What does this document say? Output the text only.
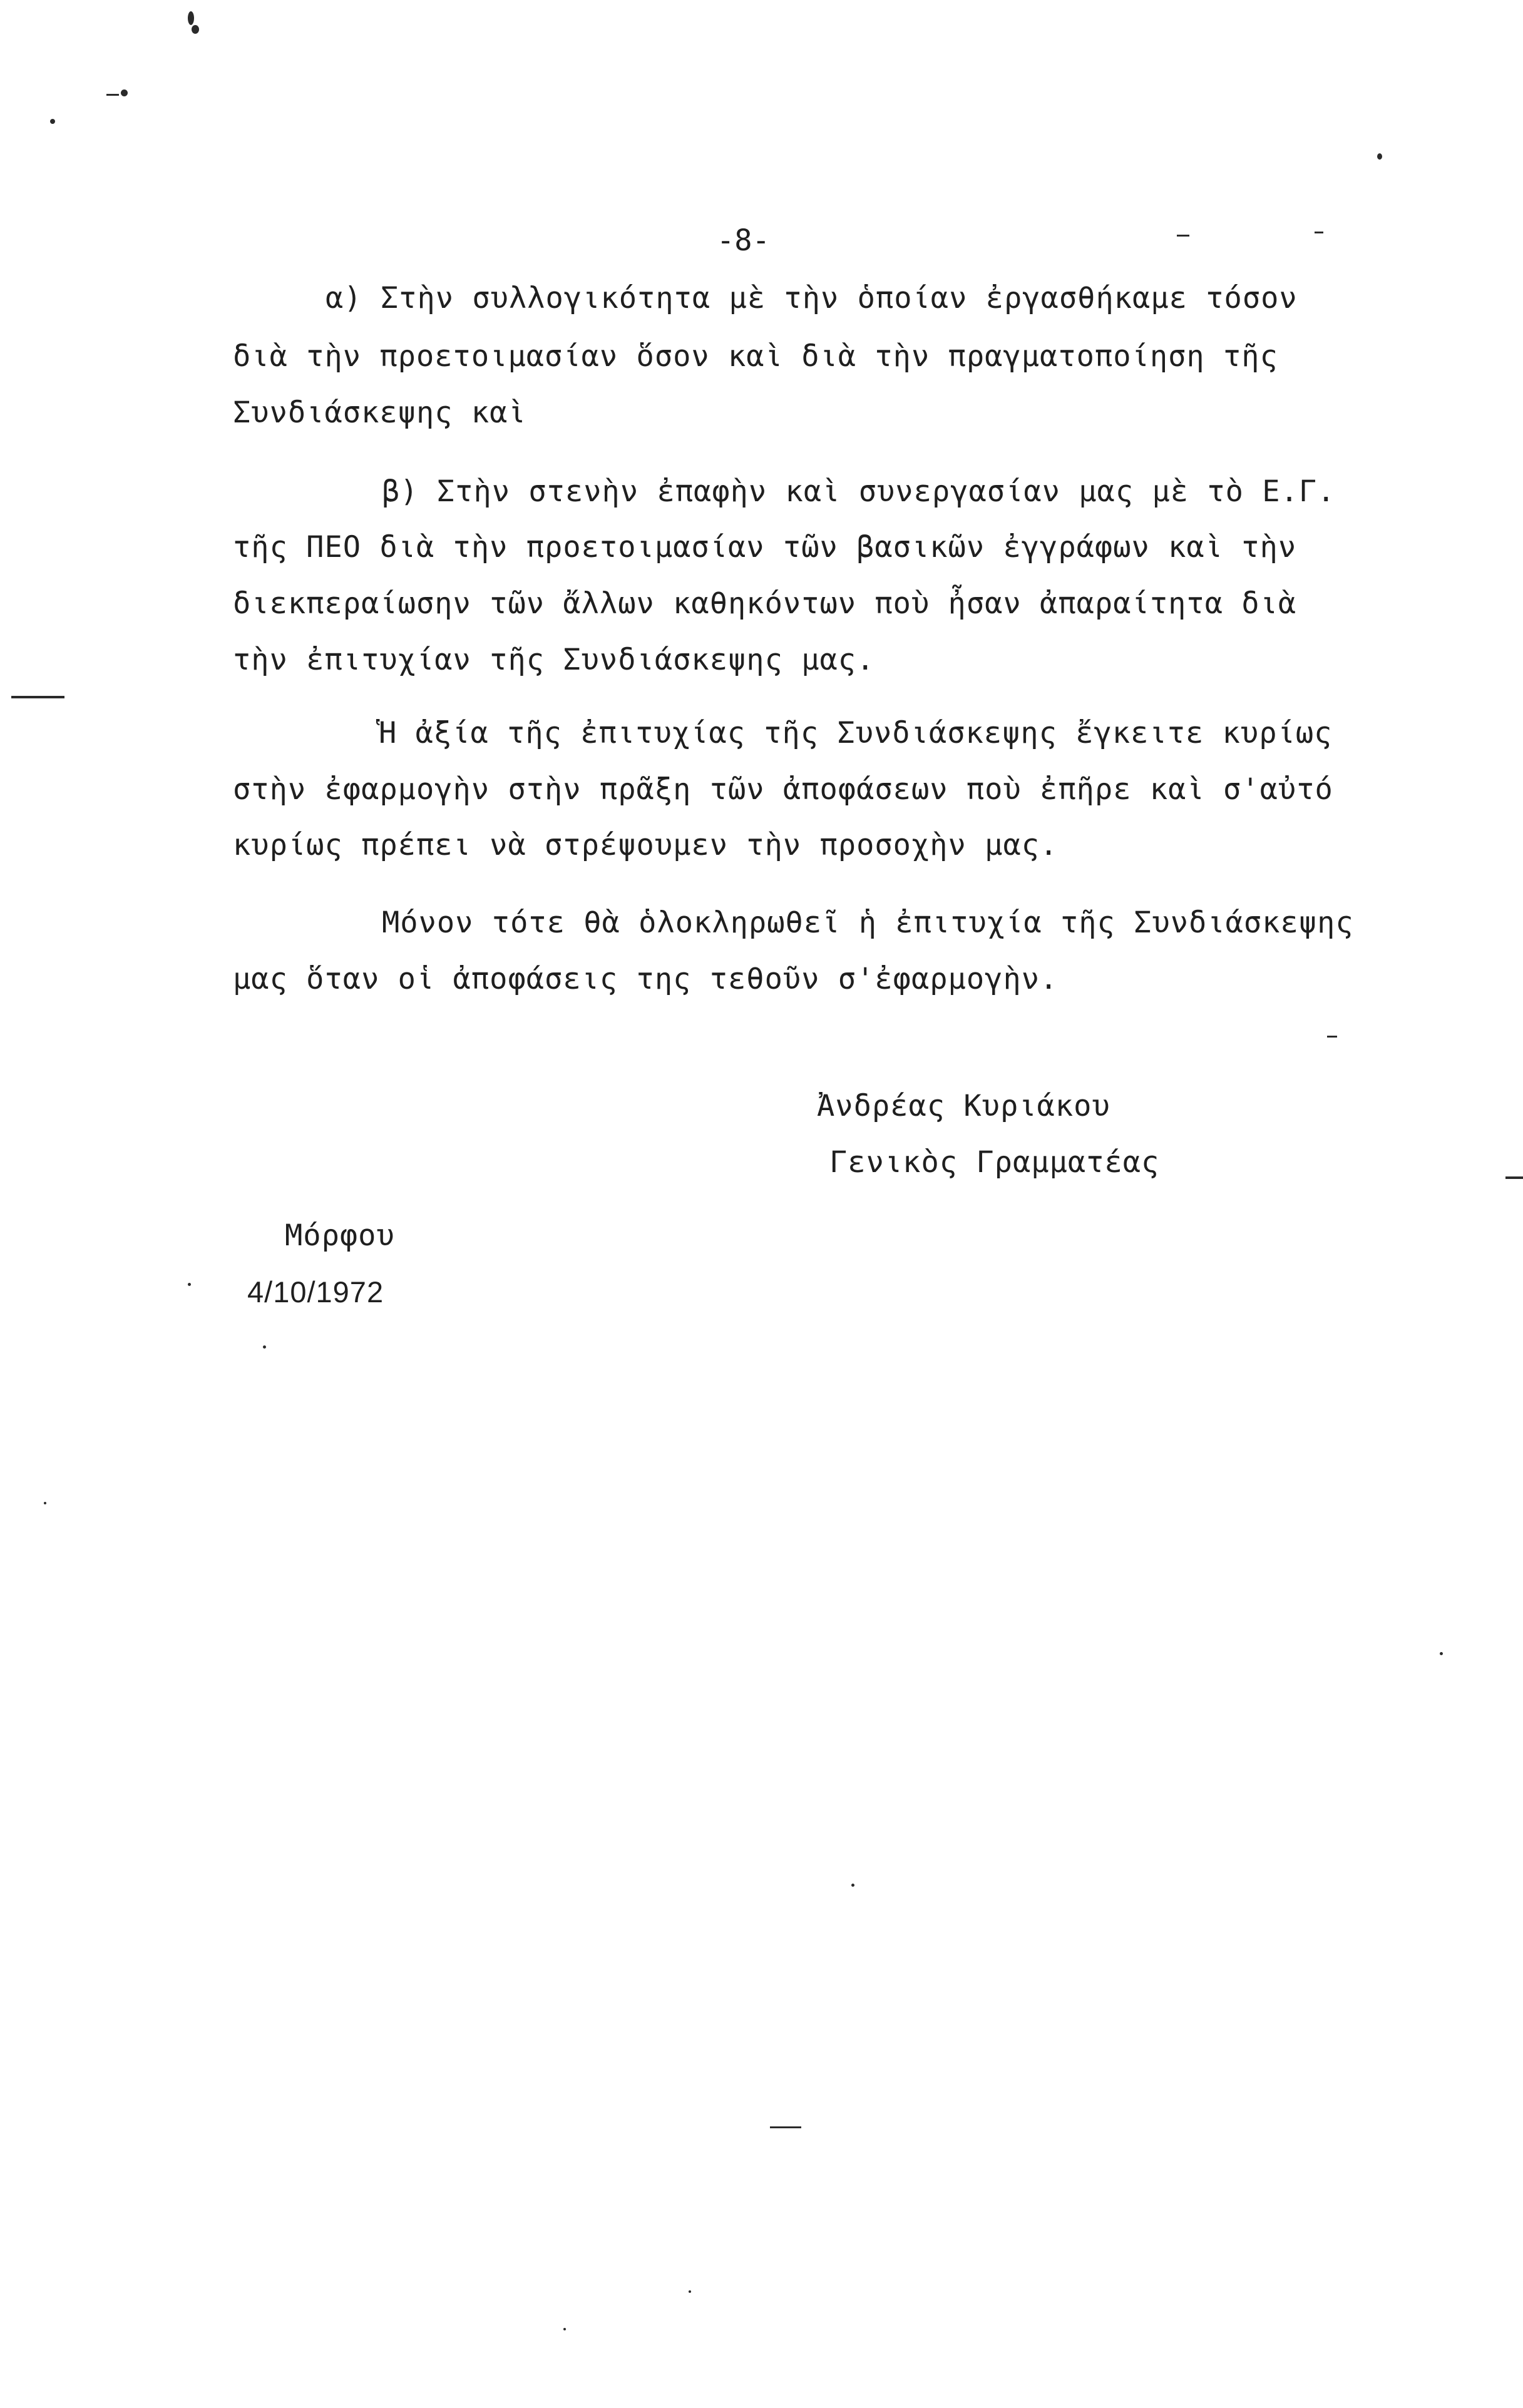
-8-
α) Στὴν συλλογικότητα μὲ τὴν ὁποίαν ἐργασθήκαμε τόσον
διὰ τὴν προετοιμασίαν ὅσον καὶ διὰ τὴν πραγματοποίηση τῆς
Συνδιάσκεψης καὶ
β) Στὴν στενὴν ἐπαφὴν καὶ συνεργασίαν μας μὲ τὸ Ε.Γ.
τῆς ΠΕΟ διὰ τὴν προετοιμασίαν τῶν βασικῶν ἐγγράφων καὶ τὴν
διεκπεραίωσην τῶν ἄλλων καθηκόντων ποὺ ἦσαν ἀπαραίτητα διὰ
τὴν ἐπιτυχίαν τῆς Συνδιάσκεψης μας.
Ἡ ἀξία τῆς ἐπιτυχίας τῆς Συνδιάσκεψης ἔγκειτε κυρίως
στὴν ἐφαρμογὴν στὴν πρᾶξη τῶν ἀποφάσεων ποὺ ἐπῆρε καὶ σ'αὐτό
κυρίως πρέπει νὰ στρέψουμεν τὴν προσοχὴν μας.
Μόνον τότε θὰ ὁλοκληρωθεῖ ἡ ἐπιτυχία τῆς Συνδιάσκεψης
μας ὅταν οἱ ἀποφάσεις της τεθοῦν σ'ἐφαρμογὴν.
Ἀνδρέας Κυριάκου
Γενικὸς Γραμματέας
Μόρφου
4/10/1972
